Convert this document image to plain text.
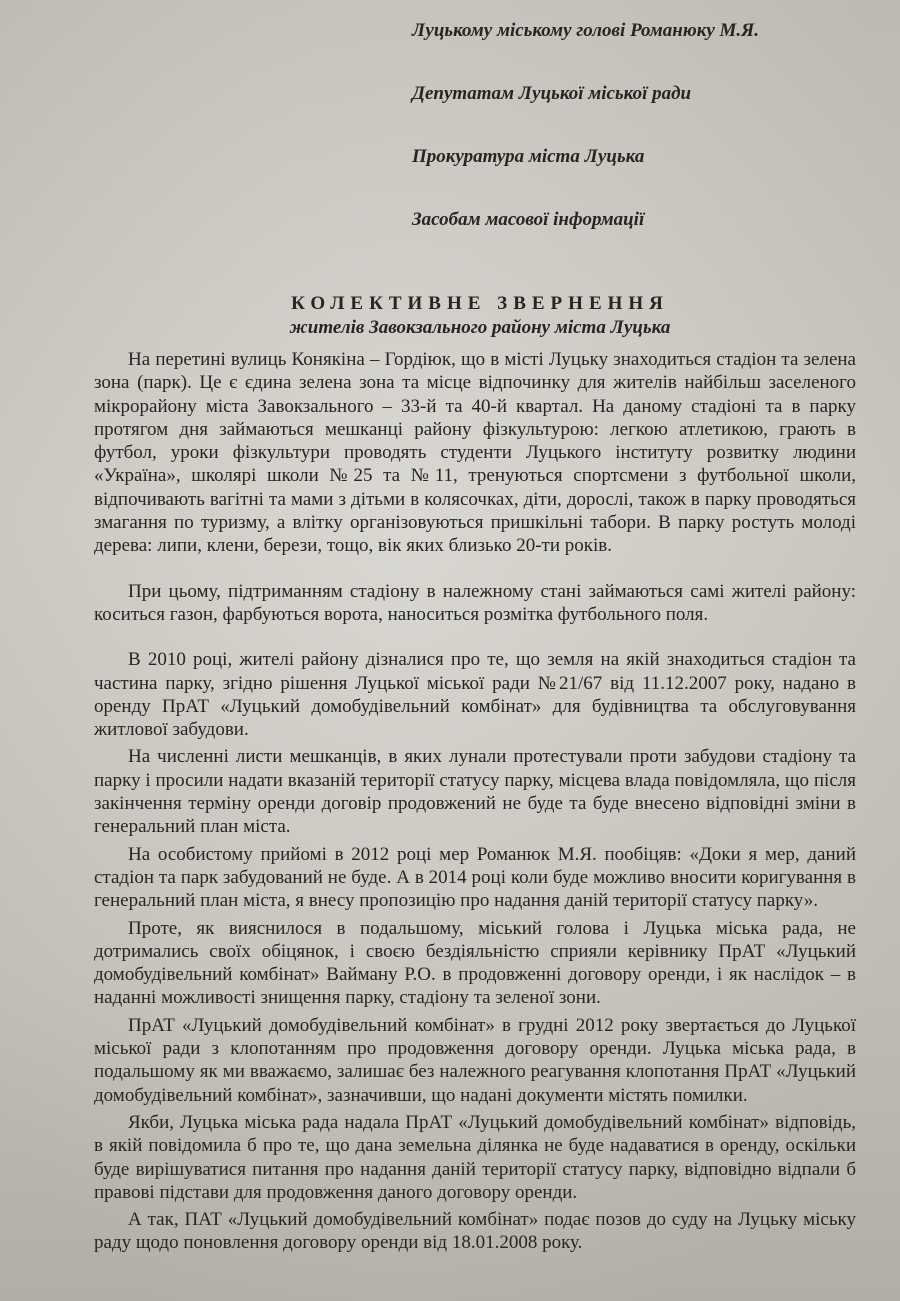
Луцькому міському голові Романюку М.Я.

Депутатам Луцької міської ради

Прокуратура міста Луцька

Засобам масової інформації

КОЛЕКТИВНЕ ЗВЕРНЕННЯ
жителів Завокзального району міста Луцька

На перетині вулиць Конякіна – Гордіюк, що в місті Луцьку знаходиться стадіон та зелена зона (парк). Це є єдина зелена зона та місце відпочинку для жителів найбільш заселеного мікрорайону міста Завокзального – 33-й та 40-й квартал. На даному стадіоні та в парку протягом дня займаються мешканці району фізкультурою: легкою атлетикою, грають в футбол, уроки фізкультури проводять студенти Луцького інституту розвитку людини «Україна», школярі школи №25 та №11, тренуються спортсмени з футбольної школи, відпочивають вагітні та мами з дітьми в колясочках, діти, дорослі, також в парку проводяться змагання по туризму, а влітку організовуються пришкільні табори. В парку ростуть молоді дерева: липи, клени, берези, тощо, вік яких близько 20-ти років.

При цьому, підтриманням стадіону в належному стані займаються самі жителі району: коситься газон, фарбуються ворота, наноситься розмітка футбольного поля.

В 2010 році, жителі району дізналися про те, що земля на якій знаходиться стадіон та частина парку, згідно рішення Луцької міської ради №21/67 від 11.12.2007 року, надано в оренду ПрАТ «Луцький домобудівельний комбінат» для будівництва та обслуговування житлової забудови.

На численні листи мешканців, в яких лунали протестували проти забудови стадіону та парку і просили надати вказаній території статусу парку, місцева влада повідомляла, що після закінчення терміну оренди договір продовжений не буде та буде внесено відповідні зміни в генеральний план міста.

На особистому прийомі в 2012 році мер Романюк М.Я. пообіцяв: «Доки я мер, даний стадіон та парк забудований не буде. А в 2014 році коли буде можливо вносити коригування в генеральний план міста, я внесу пропозицію про надання даній території статусу парку».

Проте, як вияснилося в подальшому, міський голова і Луцька міська рада, не дотримались своїх обіцянок, і своєю бездіяльністю сприяли керівнику ПрАТ «Луцький домобудівельний комбінат» Вайману Р.О. в продовженні договору оренди, і як наслідок – в наданні можливості знищення парку, стадіону та зеленої зони.

ПрАТ «Луцький домобудівельний комбінат» в грудні 2012 року звертається до Луцької міської ради з клопотанням про продовження договору оренди. Луцька міська рада, в подальшому як ми вважаємо, залишає без належного реагування клопотання ПрАТ «Луцький домобудівельний комбінат», зазначивши, що надані документи містять помилки.

Якби, Луцька міська рада надала ПрАТ «Луцький домобудівельний комбінат» відповідь, в якій повідомила б про те, що дана земельна ділянка не буде надаватися в оренду, оскільки буде вирішуватися питання про надання даній території статусу парку, відповідно відпали б правові підстави для продовження даного договору оренди.

А так, ПАТ «Луцький домобудівельний комбінат» подає позов до суду на Луцьку міську раду щодо поновлення договору оренди від 18.01.2008 року.
